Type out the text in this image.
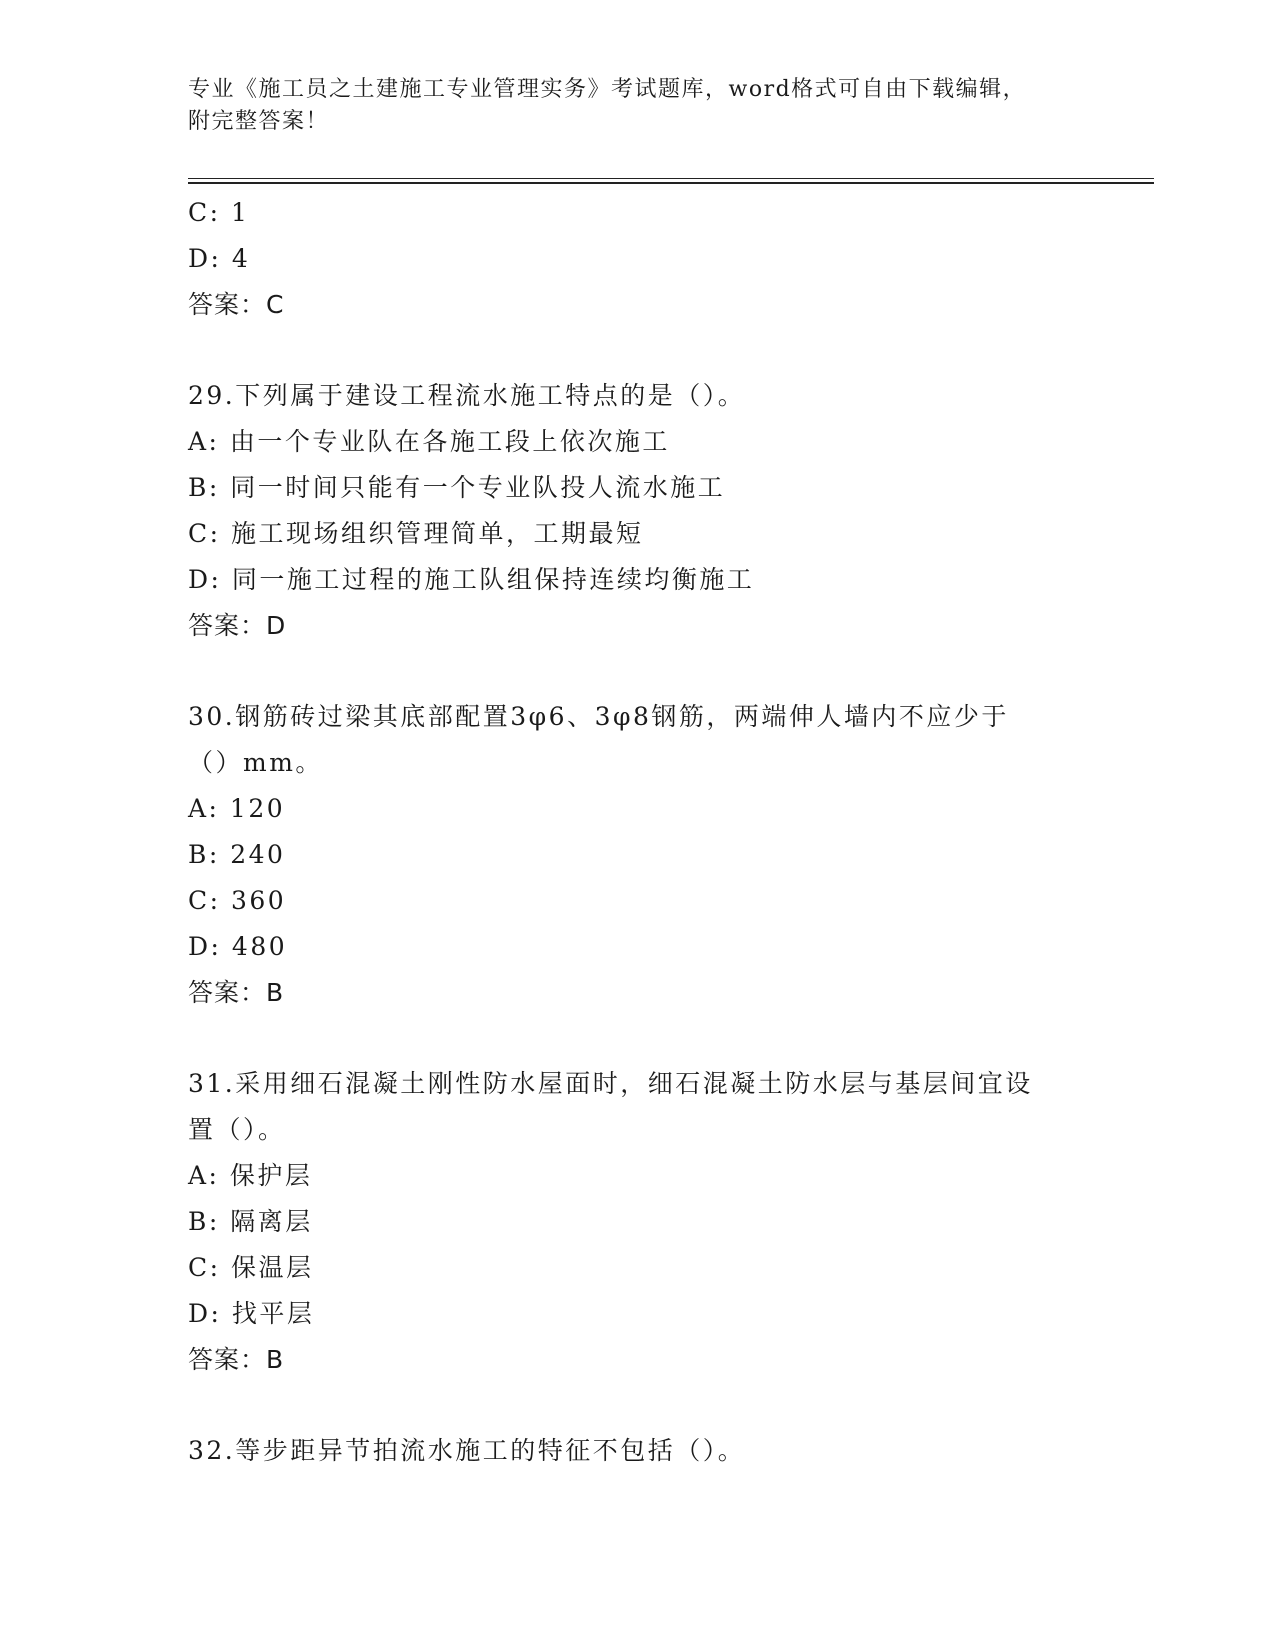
专业《施工员之土建施工专业管理实务》考试题库，word格式可自由下载编辑，
附完整答案！
C: 1
D: 4
答案：C
29.下列属于建设工程流水施工特点的是（）。
A: 由一个专业队在各施工段上依次施工
B: 同一时间只能有一个专业队投人流水施工
C: 施工现场组织管理简单，工期最短
D: 同一施工过程的施工队组保持连续均衡施工
答案：D
30.钢筋砖过梁其底部配置3φ6、3φ8钢筋，两端伸人墙内不应少于
（）mm。
A: 120
B: 240
C: 360
D: 480
答案：B
31.采用细石混凝土刚性防水屋面时，细石混凝土防水层与基层间宜设
置（）。
A: 保护层
B: 隔离层
C: 保温层
D: 找平层
答案：B
32.等步距异节拍流水施工的特征不包括（）。
